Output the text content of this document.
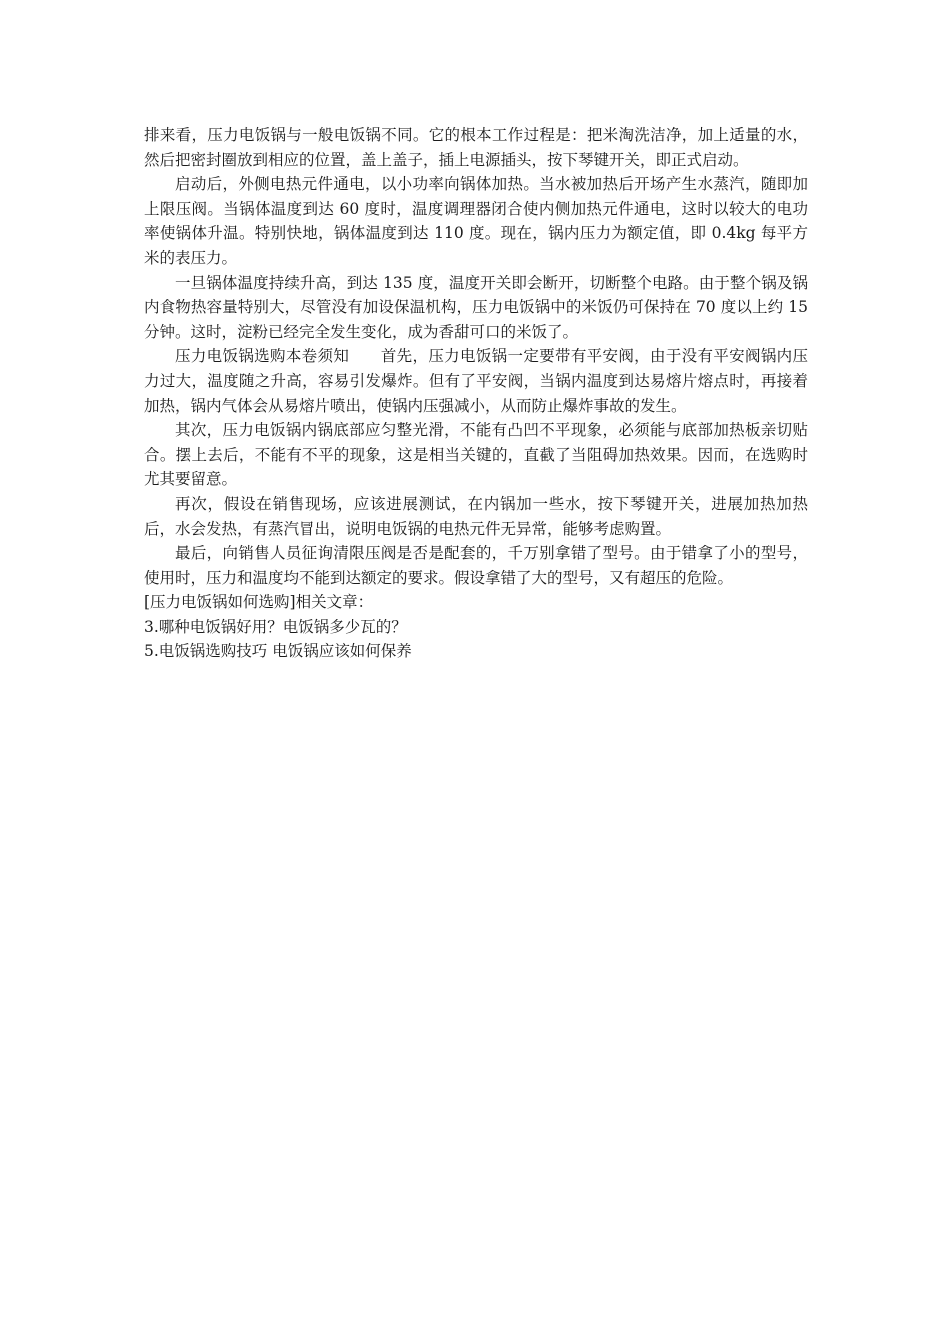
排来看，压力电饭锅与一般电饭锅不同。它的根本工作过程是：把米淘洗洁净，加上适量的水，然后把密封圈放到相应的位置，盖上盖子，插上电源插头，按下琴键开关，即正式启动。

启动后，外侧电热元件通电，以小功率向锅体加热。当水被加热后开场产生水蒸汽，随即加上限压阀。当锅体温度到达 60 度时，温度调理器闭合使内侧加热元件通电，这时以较大的电功率使锅体升温。特别快地，锅体温度到达 110 度。现在，锅内压力为额定值，即 0.4kg 每平方米的表压力。

一旦锅体温度持续升高，到达 135 度，温度开关即会断开，切断整个电路。由于整个锅及锅内食物热容量特别大，尽管没有加设保温机构，压力电饭锅中的米饭仍可保持在 70 度以上约 15 分钟。这时，淀粉已经完全发生变化，成为香甜可口的米饭了。

压力电饭锅选购本卷须知　　首先，压力电饭锅一定要带有平安阀，由于没有平安阀锅内压力过大，温度随之升高，容易引发爆炸。但有了平安阀，当锅内温度到达易熔片熔点时，再接着加热，锅内气体会从易熔片喷出，使锅内压强减小，从而防止爆炸事故的发生。

其次，压力电饭锅内锅底部应匀整光滑，不能有凸凹不平现象，必须能与底部加热板亲切贴合。摆上去后，不能有不平的现象，这是相当关键的，直截了当阻碍加热效果。因而，在选购时尤其要留意。

再次，假设在销售现场，应该进展测试，在内锅加一些水，按下琴键开关，进展加热加热后，水会发热，有蒸汽冒出，说明电饭锅的电热元件无异常，能够考虑购置。

最后，向销售人员征询清限压阀是否是配套的，千万别拿错了型号。由于错拿了小的型号，使用时，压力和温度均不能到达额定的要求。假设拿错了大的型号，又有超压的危险。

[压力电饭锅如何选购]相关文章：

3.哪种电饭锅好用？电饭锅多少瓦的？

5.电饭锅选购技巧 电饭锅应该如何保养
